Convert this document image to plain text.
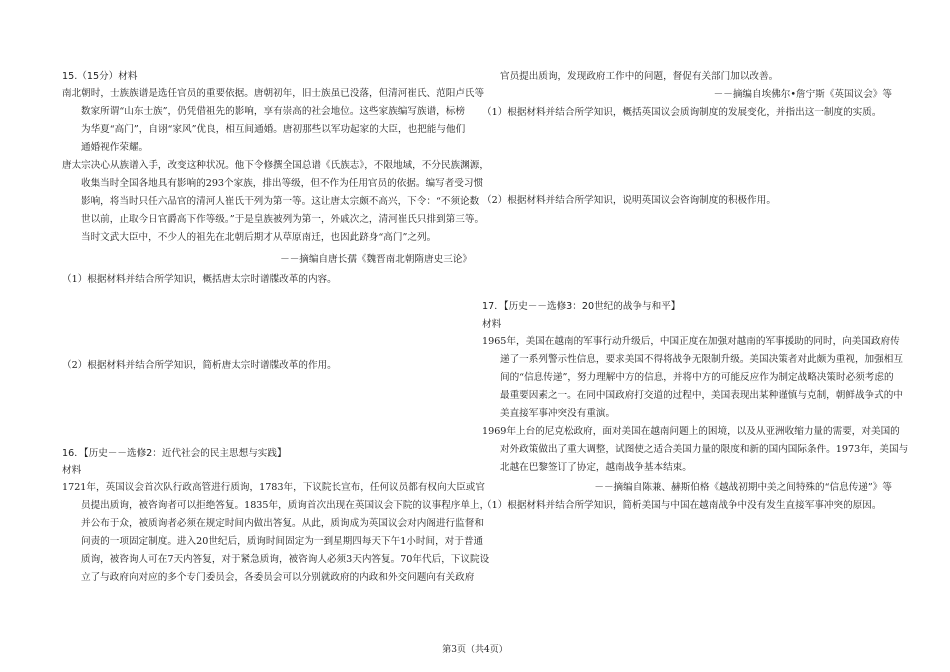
15.（15分）材料
南北朝时，士族族谱是选任官员的重要依据。唐朝初年，旧士族虽已没落，但清河崔氏、范阳卢氏等
数家所谓“山东士族”，仍凭借祖先的影响，享有崇高的社会地位。这些家族编写族谱，标榜
为华夏“高门”，自诩“家风”优良，相互间通婚。唐初那些以军功起家的大臣，也把能与他们
通婚视作荣耀。
唐太宗决心从族谱入手，改变这种状况。他下令修撰全国总谱《氏族志》，不限地域，不分民族渊源，
收集当时全国各地具有影响的293个家族，排出等级，但不作为任用官员的依据。编写者受习惯
影响，将当时只任六品官的清河人崔氏干列为第一等。这让唐太宗颇不高兴，下令：“不须论数
世以前，止取今日官爵高下作等级。”于是皇族被列为第一，外戚次之，清河崔氏只排到第三等。
当时文武大臣中，不少人的祖先在北朝后期才从草原南迁，也因此跻身“高门”之列。
－－摘编自唐长孺《魏晋南北朝隋唐史三论》
（1）根据材料并结合所学知识，概括唐太宗时谱牒改革的内容。
（2）根据材料并结合所学知识，简析唐太宗时谱牒改革的作用。
16．【历史－－选修2：近代社会的民主思想与实践】
材料
1721年，英国议会首次队行政高管进行质询，1783年，下议院长宣布，任何议员都有权向大臣或官
员提出质询，被咨询者可以拒绝答复。1835年，质询首次出现在英国议会下院的议事程序单上，
并公布于众，被质询者必须在规定时间内做出答复。从此，质询成为英国议会对内阁进行监督和
问责的一项固定制度。进入20世纪后，质询时间固定为一到星期四每天下午1小时间，对于普通
质询，被咨询人可在7天内答复，对于紧急质询，被咨询人必须3天内答复。70年代后，下议院设
立了与政府向对应的多个专门委员会，各委员会可以分别就政府的内政和外交问题向有关政府
官员提出质询，发现政府工作中的问题，督促有关部门加以改善。
－－摘编自埃佛尔•詹宁斯《英国议会》等
（1）根据材料并结合所学知识，概括英国议会质询制度的发展变化，并指出这一制度的实质。
（2）根据材料并结合所学知识，说明英国议会咨询制度的积极作用。
17．【历史－－选修3：20世纪的战争与和平】
材料
1965年，美国在越南的军事行动升级后，中国正度在加强对越南的军事援助的同时，向美国政府传
递了一系列警示性信息，要求美国不得将战争无限制升级。美国决策者对此颇为重视，加强相互
间的“信息传递”，努力理解中方的信息，并将中方的可能反应作为制定战略决策时必须考虑的
最重要因素之一。在同中国政府打交道的过程中，美国表现出某种谨慎与克制，朝鲜战争式的中
美直接军事冲突没有重演。
1969年上台的尼克松政府，面对美国在越南问题上的困境，以及从亚洲收缩力量的需要，对美国的
对外政策做出了重大调整，试图使之适合美国力量的限度和新的国内国际条件。1973年，美国与
北越在巴黎签订了协定，越南战争基本结束。
－－摘编自陈兼、赫斯伯格《越战初期中美之间特殊的“信息传递”》等
（1）根据材料并结合所学知识，简析美国与中国在越南战争中没有发生直接军事冲突的原因。
第3页（共4页）
